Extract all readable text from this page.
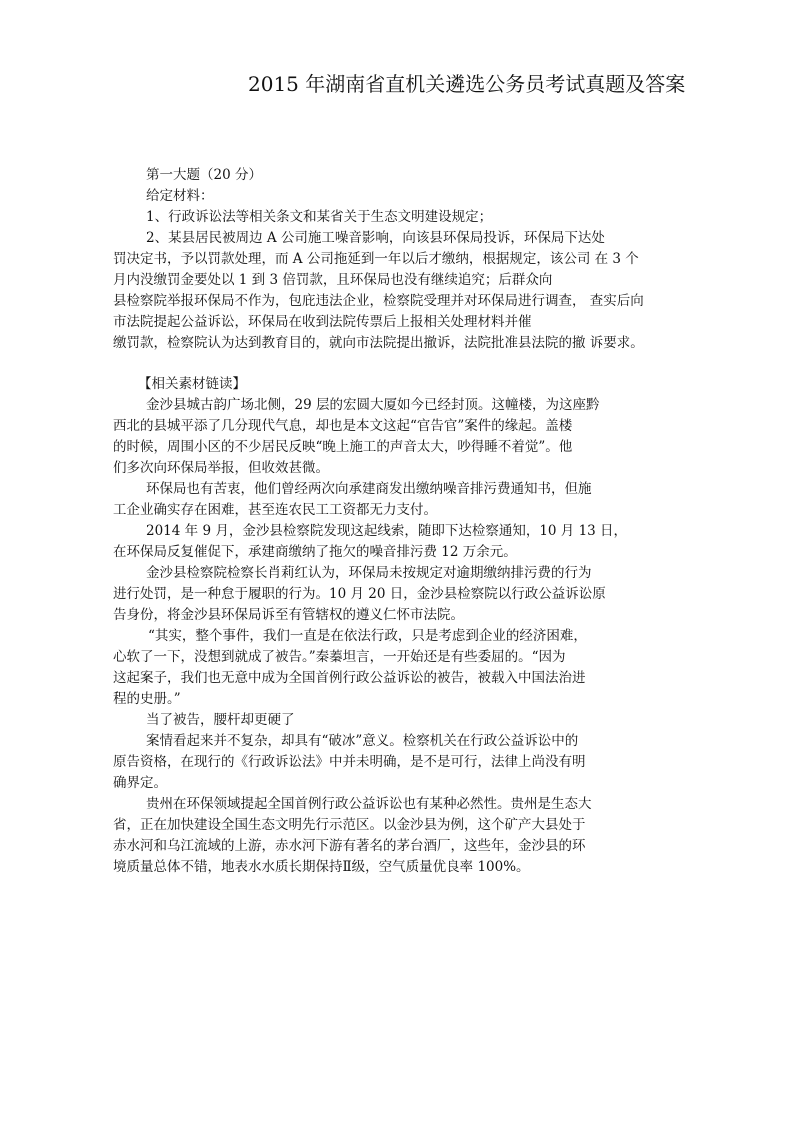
2015 年湖南省直机关遴选公务员考试真题及答案
第一大题（20 分）
给定材料：
1、行政诉讼法等相关条文和某省关于生态文明建设规定；
2、某县居民被周边 A 公司施工噪音影响，向该县环保局投诉，环保局下达处
罚决定书，予以罚款处理，而 A 公司拖延到一年以后才缴纳，根据规定，该公司 在 3 个
月内没缴罚金要处以 1 到 3 倍罚款，且环保局也没有继续追究；后群众向
县检察院举报环保局不作为，包庇违法企业，检察院受理并对环保局进行调查， 查实后向
市法院提起公益诉讼，环保局在收到法院传票后上报相关处理材料并催
缴罚款，检察院认为达到教育目的，就向市法院提出撤诉，法院批准县法院的撤 诉要求。
【相关素材链读】
金沙县城古韵广场北侧，29 层的宏圆大厦如今已经封顶。这幢楼，为这座黔
西北的县城平添了几分现代气息，却也是本文这起“官告官”案件的缘起。盖楼
的时候，周围小区的不少居民反映“晚上施工的声音太大，吵得睡不着觉”。他
们多次向环保局举报，但收效甚微。
环保局也有苦衷，他们曾经两次向承建商发出缴纳噪音排污费通知书，但施
工企业确实存在困难，甚至连农民工工资都无力支付。
2014 年 9 月，金沙县检察院发现这起线索，随即下达检察通知，10 月 13 日，
在环保局反复催促下，承建商缴纳了拖欠的噪音排污费 12 万余元。
金沙县检察院检察长肖莉红认为，环保局未按规定对逾期缴纳排污费的行为
进行处罚，是一种怠于履职的行为。10 月 20 日，金沙县检察院以行政公益诉讼原
告身份，将金沙县环保局诉至有管辖权的遵义仁怀市法院。
“其实，整个事件，我们一直是在依法行政，只是考虑到企业的经济困难，
心软了一下，没想到就成了被告。”秦蓁坦言，一开始还是有些委屈的。“因为
这起案子，我们也无意中成为全国首例行政公益诉讼的被告，被载入中国法治进
程的史册。”
当了被告，腰杆却更硬了
案情看起来并不复杂，却具有“破冰”意义。检察机关在行政公益诉讼中的
原告资格，在现行的《行政诉讼法》中并未明确，是不是可行，法律上尚没有明
确界定。
贵州在环保领域提起全国首例行政公益诉讼也有某种必然性。贵州是生态大
省，正在加快建设全国生态文明先行示范区。以金沙县为例，这个矿产大县处于
赤水河和乌江流域的上游，赤水河下游有著名的茅台酒厂，这些年，金沙县的环
境质量总体不错，地表水水质长期保持Ⅱ级，空气质量优良率 100%。
